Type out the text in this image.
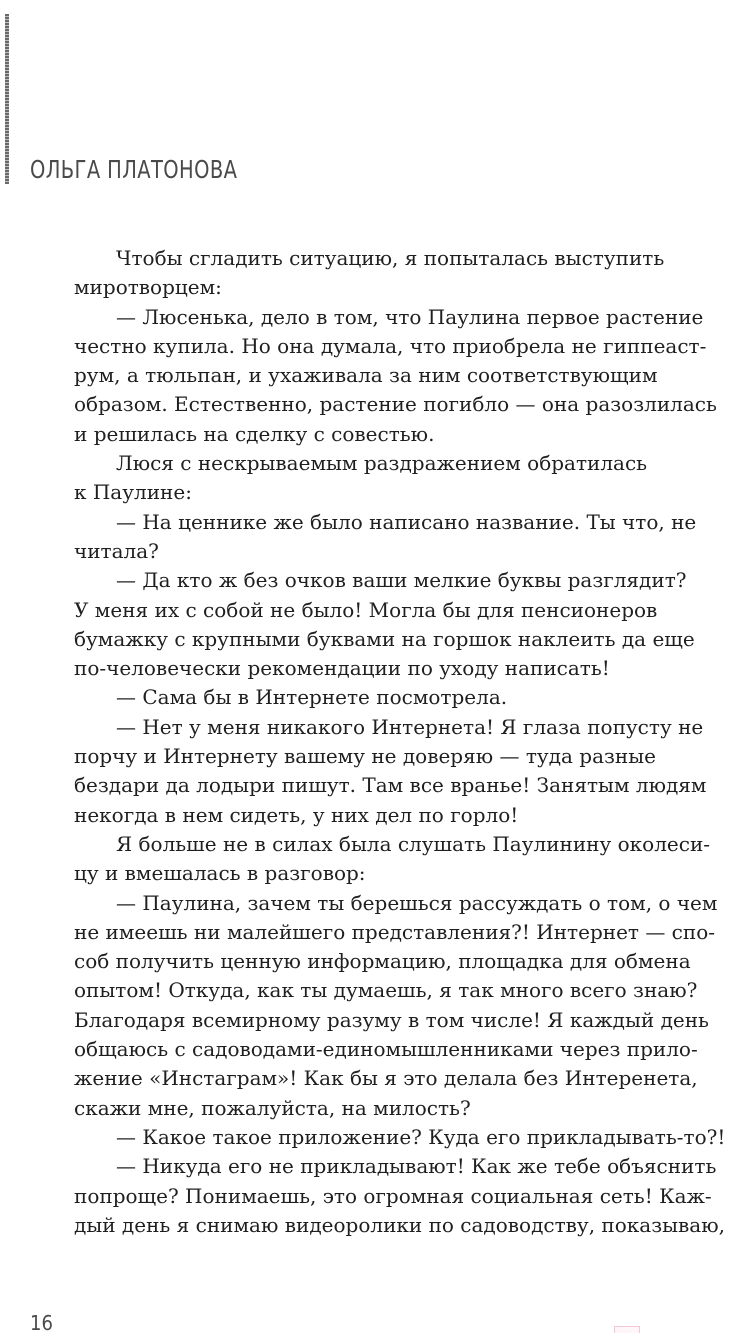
ОЛЬГА ПЛАТОНОВА
Чтобы сгладить ситуацию, я попыталась выступить
миротворцем:
— Люсенька, дело в том, что Паулина первое растение
честно купила. Но она думала, что приобрела не гиппеаст-
рум, а тюльпан, и ухаживала за ним соответствующим
образом. Естественно, растение погибло — она разозлилась
и решилась на сделку с совестью.
Люся с нескрываемым раздражением обратилась
к Паулине:
— На ценнике же было написано название. Ты что, не
читала?
— Да кто ж без очков ваши мелкие буквы разглядит?
У меня их с собой не было! Могла бы для пенсионеров
бумажку с крупными буквами на горшок наклеить да еще
по-человечески рекомендации по уходу написать!
— Сама бы в Интернете посмотрела.
— Нет у меня никакого Интернета! Я глаза попусту не
порчу и Интернету вашему не доверяю — туда разные
бездари да лодыри пишут. Там все вранье! Занятым людям
некогда в нем сидеть, у них дел по горло!
Я больше не в силах была слушать Паулинину околеси-
цу и вмешалась в разговор:
— Паулина, зачем ты берешься рассуждать о том, о чем
не имеешь ни малейшего представления?! Интернет — спо-
соб получить ценную информацию, площадка для обмена
опытом! Откуда, как ты думаешь, я так много всего знаю?
Благодаря всемирному разуму в том числе! Я каждый день
общаюсь с садоводами-единомышленниками через прило-
жение «Инстаграм»! Как бы я это делала без Интеренета,
скажи мне, пожалуйста, на милость?
— Какое такое приложение? Куда его прикладывать-то?!
— Никуда его не прикладывают! Как же тебе объяснить
попроще? Понимаешь, это огромная социальная сеть! Каж-
дый день я снимаю видеоролики по садоводству, показываю,
16
